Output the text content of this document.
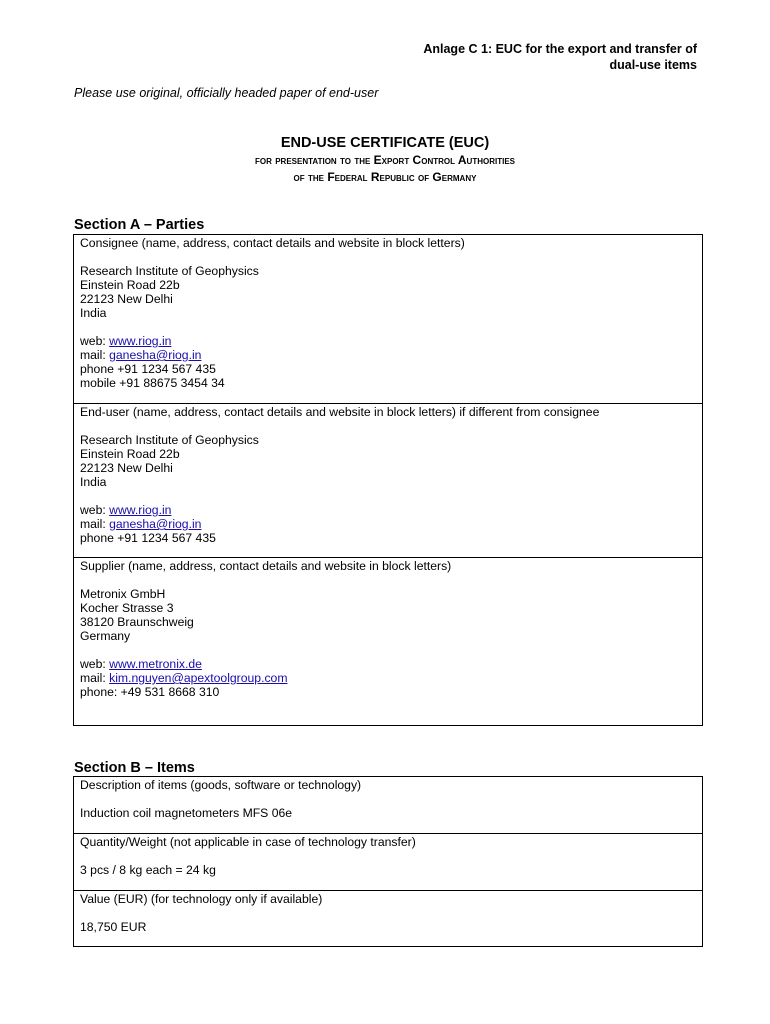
Anlage C 1: EUC for the export and transfer of
dual-use items
Please use original, officially headed paper of end-user
END-USE CERTIFICATE (EUC)
for presentation to the Export Control Authorities
of the Federal Republic of Germany
Section A – Parties
Consignee (name, address, contact details and website in block letters)
Research Institute of Geophysics
Einstein Road 22b
22123 New Delhi
India
web: www.riog.in
mail: ganesha@riog.in
phone +91 1234 567 435
mobile +91 88675 3454 34
End-user (name, address, contact details and website in block letters) if different from consignee
Research Institute of Geophysics
Einstein Road 22b
22123 New Delhi
India
web: www.riog.in
mail: ganesha@riog.in
phone +91 1234 567 435
Supplier (name, address, contact details and website in block letters)
Metronix GmbH
Kocher Strasse 3
38120 Braunschweig
Germany
web: www.metronix.de
mail: kim.nguyen@apextoolgroup.com
phone: +49 531 8668 310
Section B – Items
Description of items (goods, software or technology)
Induction coil magnetometers MFS 06e
Quantity/Weight (not applicable in case of technology transfer)
3 pcs / 8 kg each = 24 kg
Value (EUR) (for technology only if available)
18,750 EUR
